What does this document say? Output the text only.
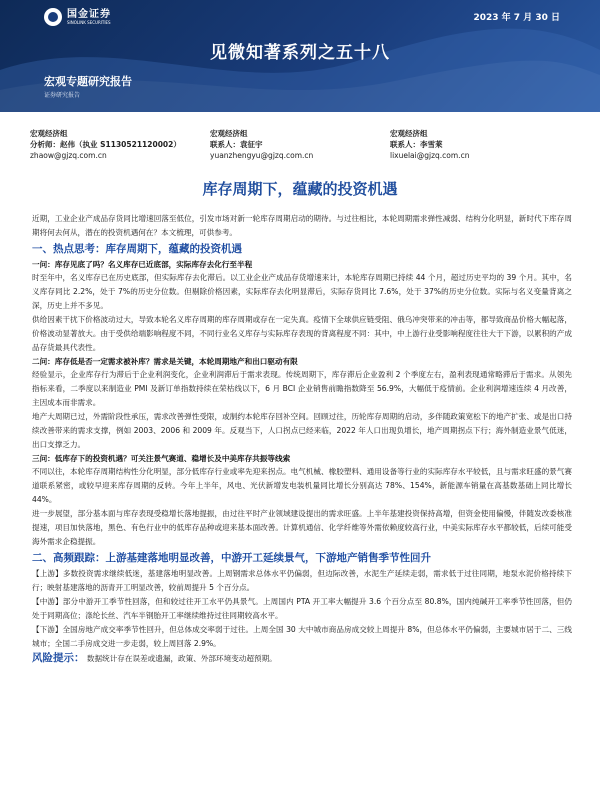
国金证券
SINOLINK SECURITIES	2023 年 7 月 30 日
见微知著系列之五十八
宏观专题研究报告
证券研究报告
宏观经济组
分析师：赵伟（执业 S1130521120002）
zhaow@gjzq.com.cn
宏观经济组
联系人：袁征宇
yuanzhengyu@gjzq.com.cn
宏观经济组
联系人：李雪莱
lixuelai@gjzq.com.cn
库存周期下，蕴藏的投资机遇

近期，工业企业产成品存货同比增速回落至低位，引发市场对新一轮库存周期启动的期待。与过往相比，本轮周期需求弹性减弱、结构分化明显，新时代下库存周期将何去何从，潜在的投资机遇何在？本文梳理，可供参考。

一、热点思考：库存周期下，蕴藏的投资机遇
一问：库存见底了吗？名义库存已近底部，实际库存去化行至半程

时至年中，名义库存已在历史底部，但实际库存去化滞后。以工业企业产成品存货增速来计，本轮库存周期已持续 44 个月，超过历史平均的 39 个月。其中，名义库存同比 2.2%，处于 7%的历史分位数。但剔除价格因素，实际库存去化明显滞后，实际存货同比 7.6%，处于 37%的历史分位数。实际与名义变量背离之深，历史上并不多见。

供给因素干扰下价格波动过大，导致本轮名义库存周期的库存周期或存在一定失真。疫情下全球供应链受阻、俄乌冲突带来的冲击等，都导致商品价格大幅起落，价格波动显著放大。由于受供给端影响程度不同，不同行业名义库存与实际库存表现的背离程度不同：其中，中上游行业受影响程度往往大于下游，以累积的产成品存货最具代表性。

二问：库存低是否一定需求被补库？需求是关键，本轮周期地产和出口驱动有限

经验显示，企业库存行为滞后于企业利润变化，企业利润滞后于需求表现。传统周期下，库存滞后企业盈利 2 个季度左右，盈利表现通常略滞后于需求。从领先指标来看，二季度以来制造业 PMI 及新订单指数持续在荣枯线以下，6 月 BCI 企业销售前瞻指数降至 56.9%，大幅低于疫情前。企业利润增速连续 4 月改善，主因成本而非需求。

地产大周期已过，外需阶段性承压，需求改善弹性受限，或制约本轮库存回补空间。回顾过往，历轮库存周期的启动，多伴随政策宽松下的地产扩张、或是出口持续改善带来的需求支撑，例如 2003、2006 和 2009 年。反观当下，人口拐点已经来临，2022 年人口出现负增长，地产周期拐点下行；海外制造业景气低迷，出口支撑乏力。

三问：低库存下的投资机遇？可关注景气赛道、稳增长及中美库存共振等线索

不同以往，本轮库存周期结构性分化明显，部分低库存行业或率先迎来拐点。电气机械、橡胶塑料、通用设备等行业的实际库存水平较低，且与需求旺盛的景气赛道联系紧密，或较早迎来库存周期的反转。今年上半年，风电、光伏新增发电装机量同比增长分别高达 78%、154%，新能源车销量在高基数基础上同比增长 44%。

进一步展望，部分基本面与库存表现受稳增长落地提振，由过往平时产业领域建设提出的需求旺盛。上半年基建投资保持高增，但资金使用偏慢，伴随发改委核准提速，项目加快落地，黑色、有色行业中的低库存品种或迎来基本面改善。计算机通信、化学纤维等外需依赖度较高行业，中美实际库存水平都较低，后续可能受海外需求企稳提振。

二、高频跟踪：上游基建落地明显改善，中游开工延续景气，下游地产销售季节性回升

【上游】多数投资需求继续低迷，基建落地明显改善。上周钢需求总体水平仍偏弱，但边际改善，水泥生产延续走弱，需求低于过往同期，地泵水泥价格持续下行；映射基建落地的沥青开工明显改善，较前周提升 5 个百分点。

【中游】部分中游开工季节性回落，但和较过往开工水平仍具景气。上周国内 PTA 开工率大幅提升 3.6 个百分点至 80.8%，国内纯碱开工率季节性回落，但仍处于同期高位；涤纶长丝、汽车半钢胎开工率继续维持过往同期较高水平。

【下游】全国房地产成交率季节性回升，但总体成交率弱于过往。上周全国 30 大中城市商品房成交较上周提升 8%，但总体水平仍偏弱，主要城市居于二、三线城市；全国二手房成交进一步走弱，较上周回落 2.9%。

风险提示： 数据统计存在误差或遗漏，政策、外部环境变动超预期。
